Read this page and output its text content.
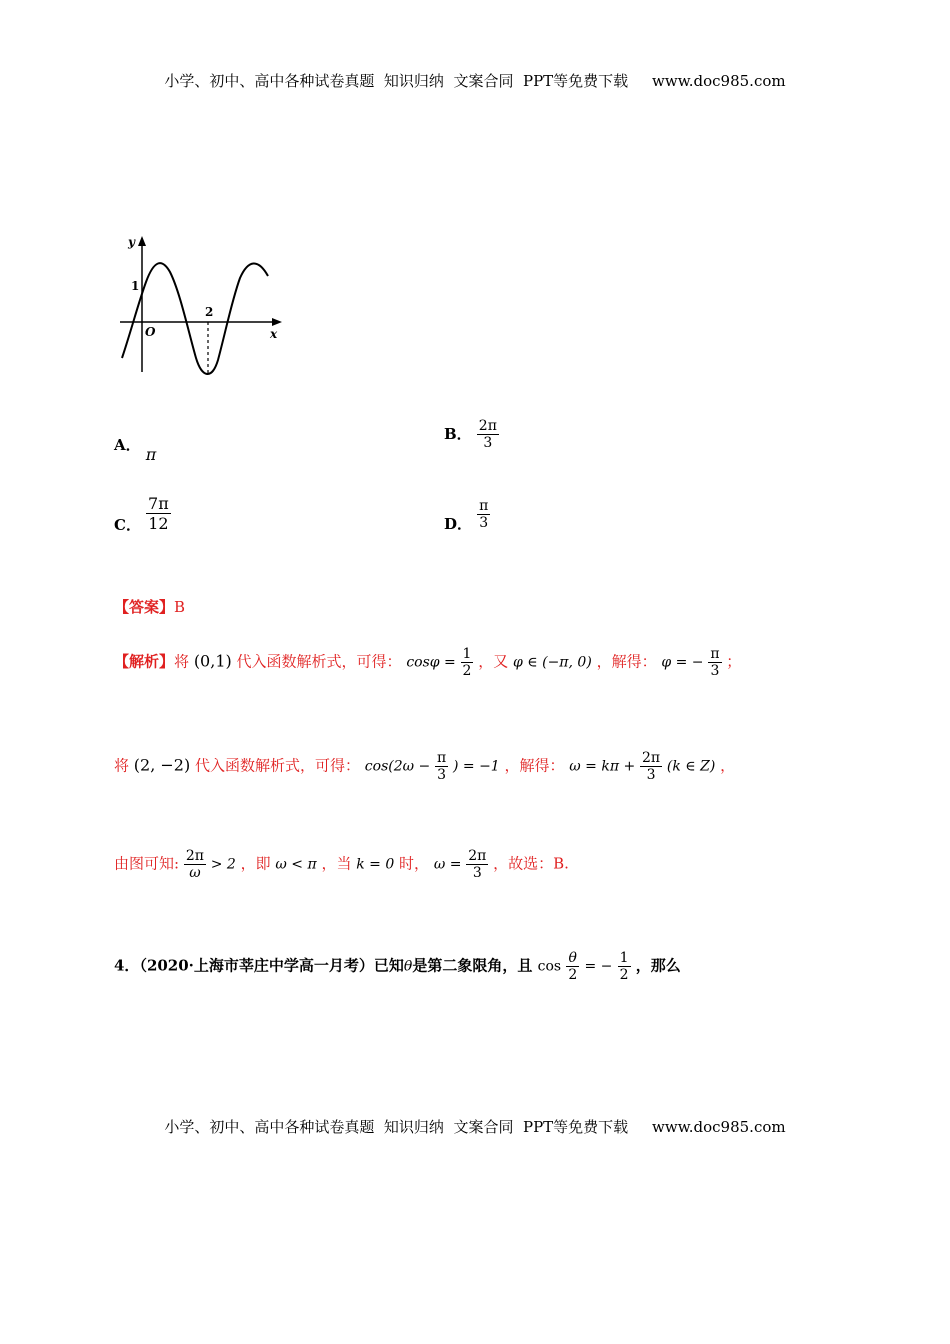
小学、初中、高中各种试卷真题  知识归纳  文案合同  PPT等免费下载     www.doc985.com
y
x
O
1
2
A． π
B． $\frac{2\pi}{3}$
C． $\frac{7\pi}{12}$	D． $\frac{\pi}{3}$
【答案】B
【解析】将 (0,1) 代入函数解析式，可得： $\cos\varphi = \frac{1}{2}$ ，又 φ ∈ (−π, 0) ，解得： φ = − $\frac{\pi}{3}$ ；
将 (2, −2) 代入函数解析式，可得： $\cos(2\omega - \frac{\pi}{3}$ ) = −1 ，解得： $\omega = k\pi + \frac{2\pi}{3} (k$ ∈ Z) ，
由图可知: $\frac{2\pi}{\omega} > 2$ ，即 ω < π ，当 k = 0 时， $\omega = \frac{2\pi}{3}$ ，故选：B.
4．（2020·上海市莘庄中学高一月考）已知θ是第二象限角，且 $\cos \frac{\theta}{2}$ = − $\frac{1}{2}$ ，那么
小学、初中、高中各种试卷真题  知识归纳  文案合同  PPT等免费下载     www.doc985.com
